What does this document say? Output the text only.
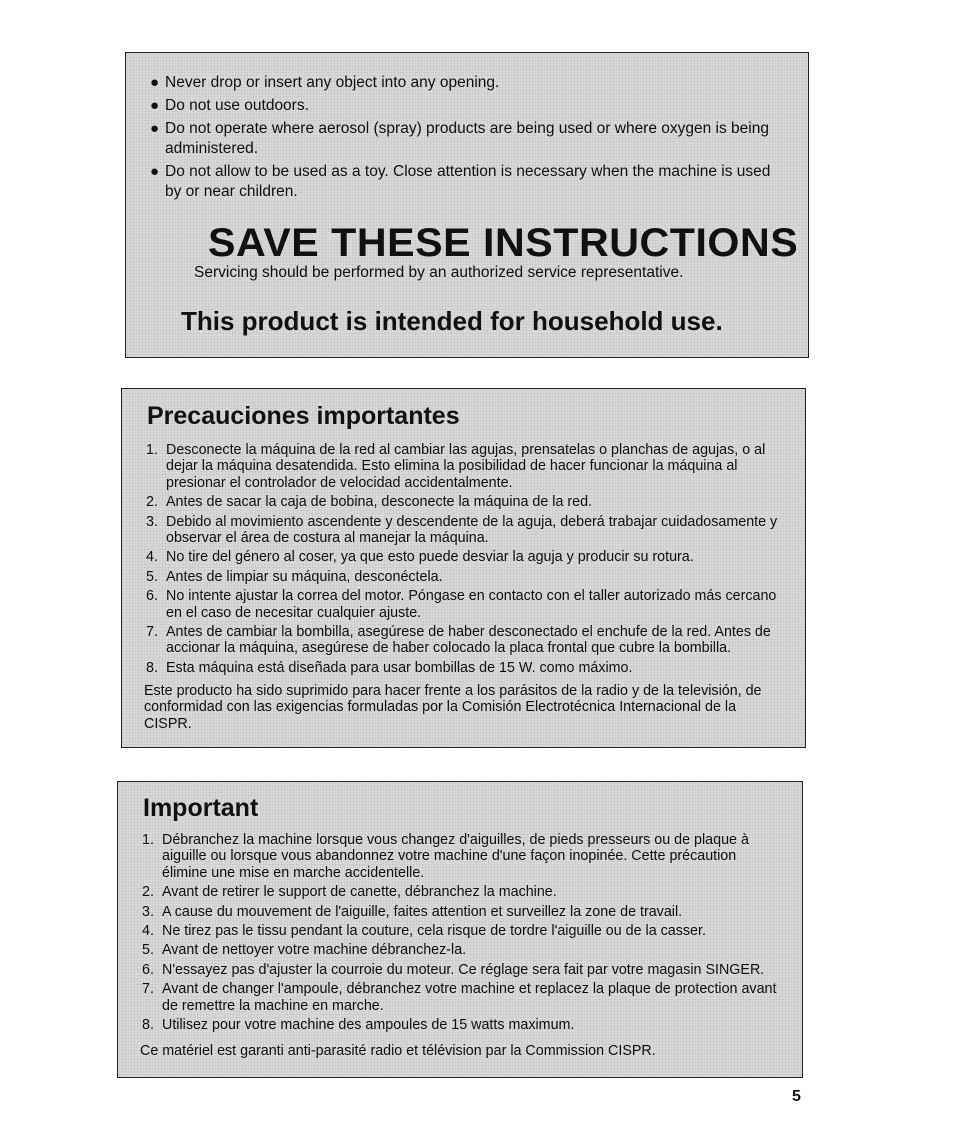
● Never drop or insert any object into any opening.
● Do not use outdoors.
● Do not operate where aerosol (spray) products are being used or where oxygen is being administered.
● Do not allow to be used as a toy. Close attention is necessary when the machine is used by or near children.
SAVE THESE INSTRUCTIONS

Servicing should be performed by an authorized service representative.

This product is intended for household use.
Precauciones importantes
1. Desconecte la máquina de la red al cambiar las agujas, prensatelas o planchas de agujas, o al dejar la máquina desatendida. Esto elimina la posibilidad de hacer funcionar la máquina al presionar el controlador de velocidad accidentalmente.
2. Antes de sacar la caja de bobina, desconecte la máquina de la red.
3. Debido al movimiento ascendente y descendente de la aguja, deberá trabajar cuidadosamente y observar el área de costura al manejar la máquina.
4. No tire del género al coser, ya que esto puede desviar la aguja y producir su rotura.
5. Antes de limpiar su máquina, desconéctela.
6. No intente ajustar la correa del motor. Póngase en contacto con el taller autorizado más cercano en el caso de necesitar cualquier ajuste.
7. Antes de cambiar la bombilla, asegúrese de haber desconectado el enchufe de la red. Antes de accionar la máquina, asegúrese de haber colocado la placa frontal que cubre la bombilla.
8. Esta máquina está diseñada para usar bombillas de 15 W. como máximo.

Este producto ha sido suprimido para hacer frente a los parásitos de la radio y de la televisión, de conformidad con las exigencias formuladas por la Comisión Electrotécnica Internacional de la CISPR.

Important
1. Débranchez la machine lorsque vous changez d'aiguilles, de pieds presseurs ou de plaque à aiguille ou lorsque vous abandonnez votre machine d'une façon inopinée. Cette précaution élimine une mise en marche accidentelle.
2. Avant de retirer le support de canette, débranchez la machine.
3. A cause du mouvement de l'aiguille, faites attention et surveillez la zone de travail.
4. Ne tirez pas le tissu pendant la couture, cela risque de tordre l'aiguille ou de la casser.
5. Avant de nettoyer votre machine débranchez-la.
6. N'essayez pas d'ajuster la courroie du moteur. Ce réglage sera fait par votre magasin SINGER.
7. Avant de changer l'ampoule, débranchez votre machine et replacez la plaque de protection avant de remettre la machine en marche.
8. Utilisez pour votre machine des ampoules de 15 watts maximum.

Ce matériel est garanti anti-parasité radio et télévision par la Commission CISPR.

5
